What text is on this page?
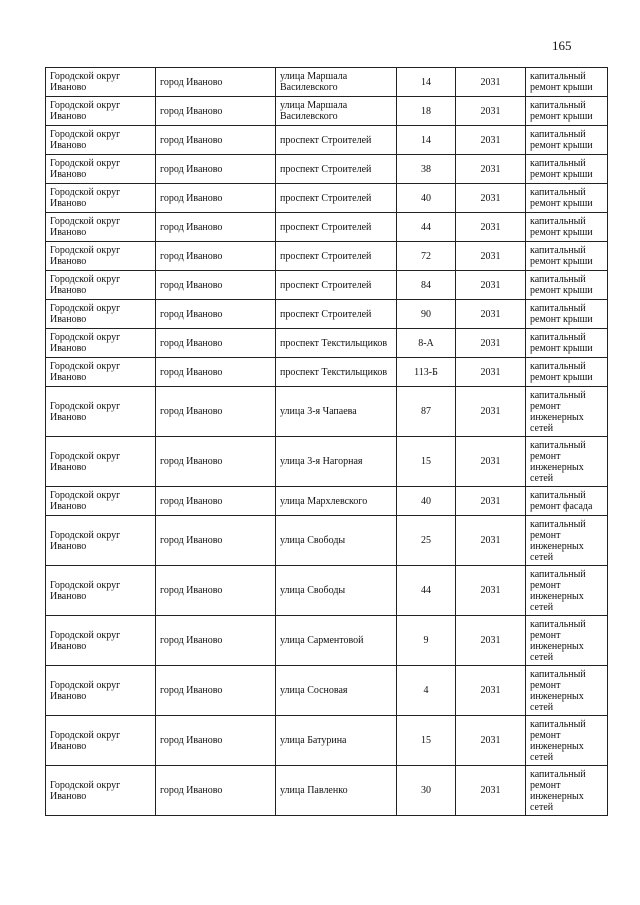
165
Городской округ Иваново	город Иваново	улица Маршала Василевского	14	2031	капитальный ремонт крыши
Городской округ Иваново	город Иваново	улица Маршала Василевского	18	2031	капитальный ремонт крыши
Городской округ Иваново	город Иваново	проспект Строителей	14	2031	капитальный ремонт крыши
Городской округ Иваново	город Иваново	проспект Строителей	38	2031	капитальный ремонт крыши
Городской округ Иваново	город Иваново	проспект Строителей	40	2031	капитальный ремонт крыши
Городской округ Иваново	город Иваново	проспект Строителей	44	2031	капитальный ремонт крыши
Городской округ Иваново	город Иваново	проспект Строителей	72	2031	капитальный ремонт крыши
Городской округ Иваново	город Иваново	проспект Строителей	84	2031	капитальный ремонт крыши
Городской округ Иваново	город Иваново	проспект Строителей	90	2031	капитальный ремонт крыши
Городской округ Иваново	город Иваново	проспект Текстильщиков	8-А	2031	капитальный ремонт крыши
Городской округ Иваново	город Иваново	проспект Текстильщиков	113-Б	2031	капитальный ремонт крыши
Городской округ Иваново	город Иваново	улица 3-я Чапаева	87	2031	капитальный ремонт инженерных сетей
Городской округ Иваново	город Иваново	улица 3-я Нагорная	15	2031	капитальный ремонт инженерных сетей
Городской округ Иваново	город Иваново	улица Мархлевского	40	2031	капитальный ремонт фасада
Городской округ Иваново	город Иваново	улица Свободы	25	2031	капитальный ремонт инженерных сетей
Городской округ Иваново	город Иваново	улица Свободы	44	2031	капитальный ремонт инженерных сетей
Городской округ Иваново	город Иваново	улица Сарментовой	9	2031	капитальный ремонт инженерных сетей
Городской округ Иваново	город Иваново	улица Сосновая	4	2031	капитальный ремонт инженерных сетей
Городской округ Иваново	город Иваново	улица Батурина	15	2031	капитальный ремонт инженерных сетей
Городской округ Иваново	город Иваново	улица Павленко	30	2031	капитальный ремонт инженерных сетей
